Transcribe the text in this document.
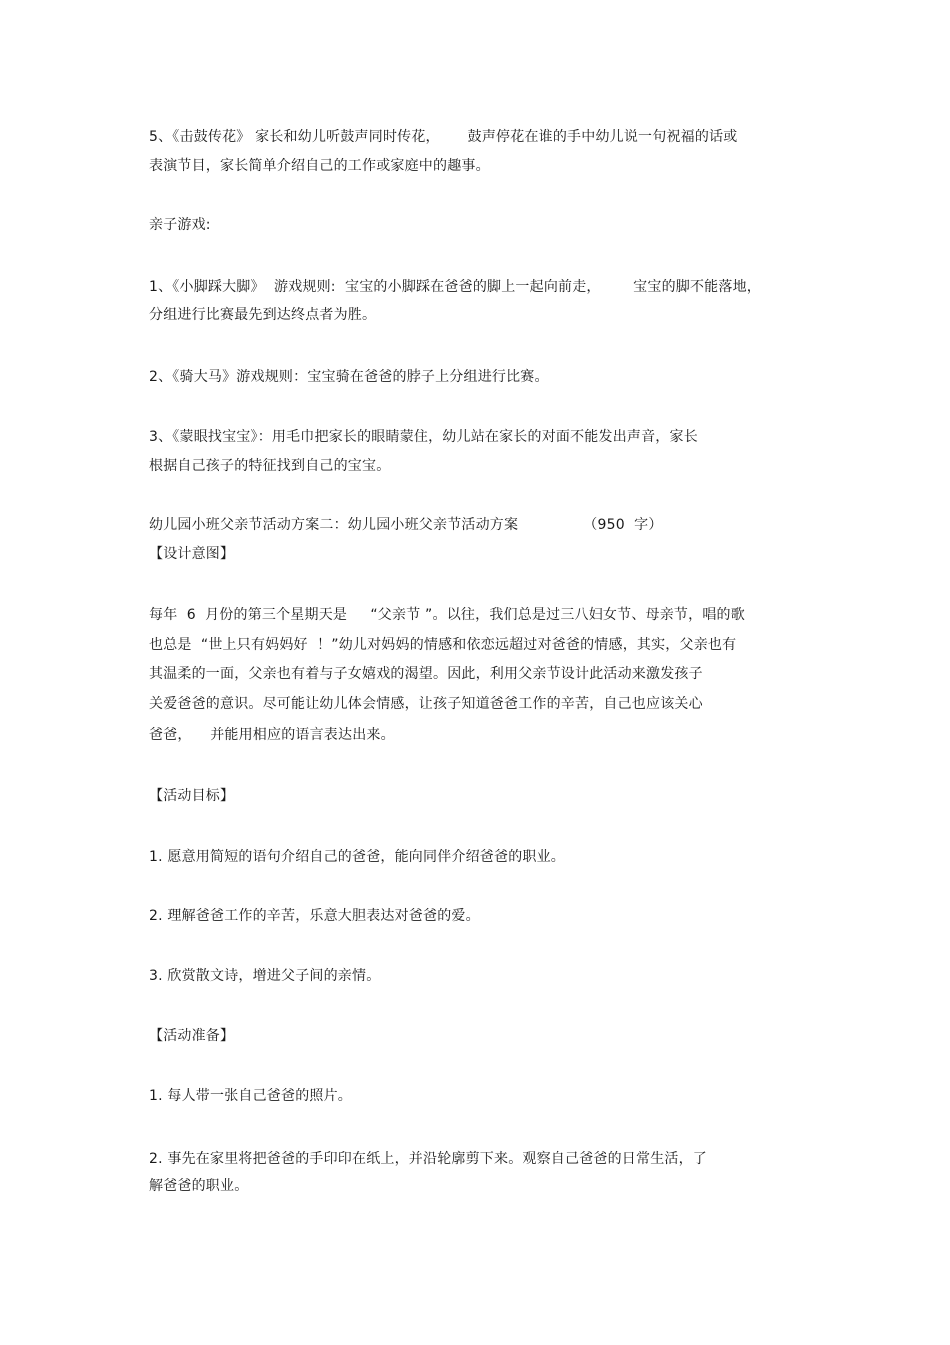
5、《击鼓传花》 家长和幼儿听鼓声同时传花，      鼓声停花在谁的手中幼儿说一句祝福的话或
表演节目，家长简单介绍自己的工作或家庭中的趣事。
亲子游戏:
1、《小脚踩大脚》  游戏规则:  宝宝的小脚踩在爸爸的脚上一起向前走，       宝宝的脚不能落地，
分组进行比赛最先到达终点者为胜。
2、《骑大马》游戏规则：宝宝骑在爸爸的脖子上分组进行比赛。
3、《蒙眼找宝宝》：用毛巾把家长的眼睛蒙住，幼儿站在家长的对面不能发出声音，家长
根据自己孩子的特征找到自己的宝宝。
幼儿园小班父亲节活动方案二：幼儿园小班父亲节活动方案              （950  字）
【设计意图】
每年  6  月份的第三个星期天是     “父亲节 ”。以往，我们总是过三八妇女节、母亲节，唱的歌
也总是  “世上只有妈妈好  ！”幼儿对妈妈的情感和依恋远超过对爸爸的情感，其实，父亲也有
其温柔的一面，父亲也有着与子女嬉戏的渴望。因此，利用父亲节设计此活动来激发孩子
关爱爸爸的意识。尽可能让幼儿体会情感，让孩子知道爸爸工作的辛苦，自己也应该关心
爸爸，    并能用相应的语言表达出来。
【活动目标】
1. 愿意用简短的语句介绍自己的爸爸，能向同伴介绍爸爸的职业。
2. 理解爸爸工作的辛苦，乐意大胆表达对爸爸的爱。
3. 欣赏散文诗，增进父子间的亲情。
【活动准备】
1. 每人带一张自己爸爸的照片。
2. 事先在家里将把爸爸的手印印在纸上，并沿轮廓剪下来。观察自己爸爸的日常生活，了
解爸爸的职业。
